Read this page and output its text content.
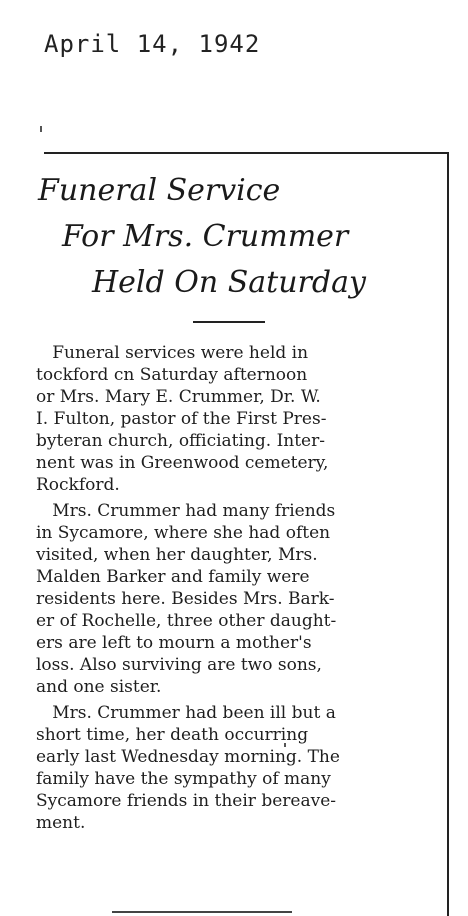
April 14, 1942
Funeral Service
For Mrs. Crummer
Held On Saturday
Funeral services were held in
tockford cn Saturday afternoon
or Mrs. Mary E. Crummer, Dr. W.
I. Fulton, pastor of the First Pres-
byteran church, officiating. Inter-
nent was in Greenwood cemetery,
Rockford.
Mrs. Crummer had many friends
in Sycamore, where she had often
visited, when her daughter, Mrs.
Malden Barker and family were
residents here. Besides Mrs. Bark-
er of Rochelle, three other daught-
ers are left to mourn a mother's
loss. Also surviving are two sons,
and one sister.
Mrs. Crummer had been ill but a
short time, her death occurring
early last Wednesday morning. The
family have the sympathy of many
Sycamore friends in their bereave-
ment.
